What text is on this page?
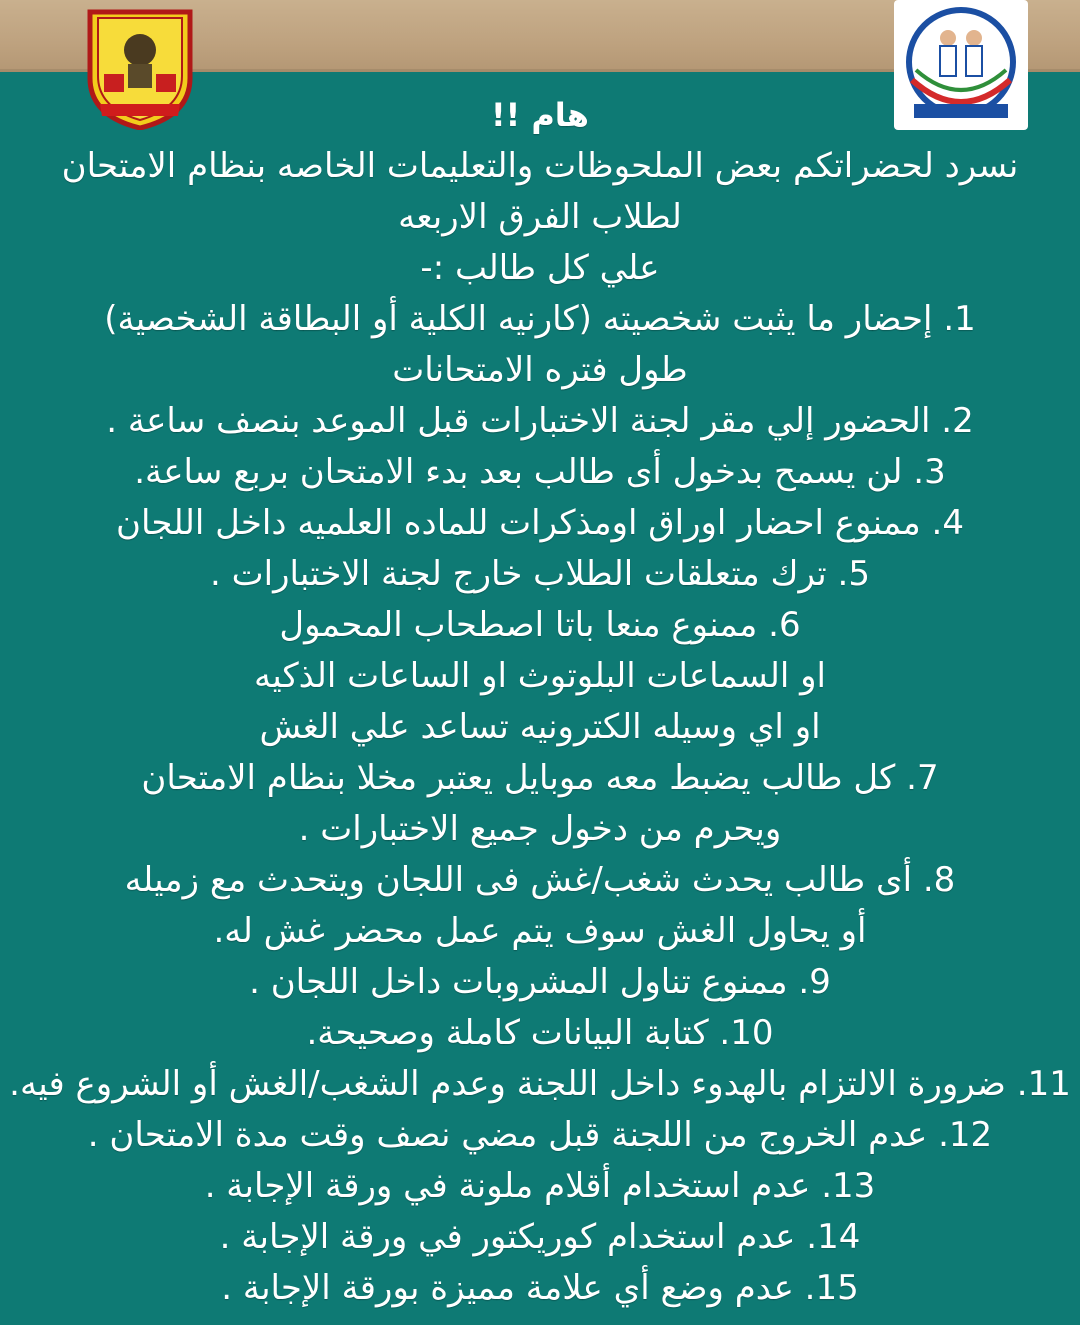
هام !!
نسرد لحضراتكم بعض الملحوظات والتعليمات الخاصه بنظام الامتحان
لطلاب الفرق الاربعه
علي كل طالب :-
1. إحضار ما يثبت شخصيته (كارنيه الكلية أو البطاقة الشخصية)
طول فتره الامتحانات
2. الحضور إلي مقر لجنة الاختبارات قبل الموعد بنصف ساعة .
3. لن يسمح بدخول أى طالب بعد بدء الامتحان بربع ساعة.
4. ممنوع احضار اوراق اومذكرات للماده العلميه داخل اللجان
5. ترك متعلقات الطلاب خارج لجنة الاختبارات .
6. ممنوع منعا باتا اصطحاب المحمول
او السماعات البلوتوث او الساعات الذكيه
او اي وسيله الكترونيه تساعد علي الغش
7. كل طالب يضبط معه موبايل يعتبر مخلا بنظام الامتحان
ويحرم من دخول جميع الاختبارات .
8. أى طالب يحدث شغب/غش فى اللجان ويتحدث مع زميله
أو يحاول الغش سوف يتم عمل محضر غش له.
9. ممنوع تناول المشروبات داخل اللجان .
10. كتابة البيانات كاملة وصحيحة.
11. ضرورة الالتزام بالهدوء داخل اللجنة وعدم الشغب/الغش أو الشروع فيه.
12. عدم الخروج من اللجنة قبل مضي نصف وقت مدة الامتحان .
13. عدم استخدام أقلام ملونة في ورقة الإجابة .
14. عدم استخدام كوريكتور في ورقة الإجابة .
15. عدم وضع أي علامة مميزة بورقة الإجابة .
